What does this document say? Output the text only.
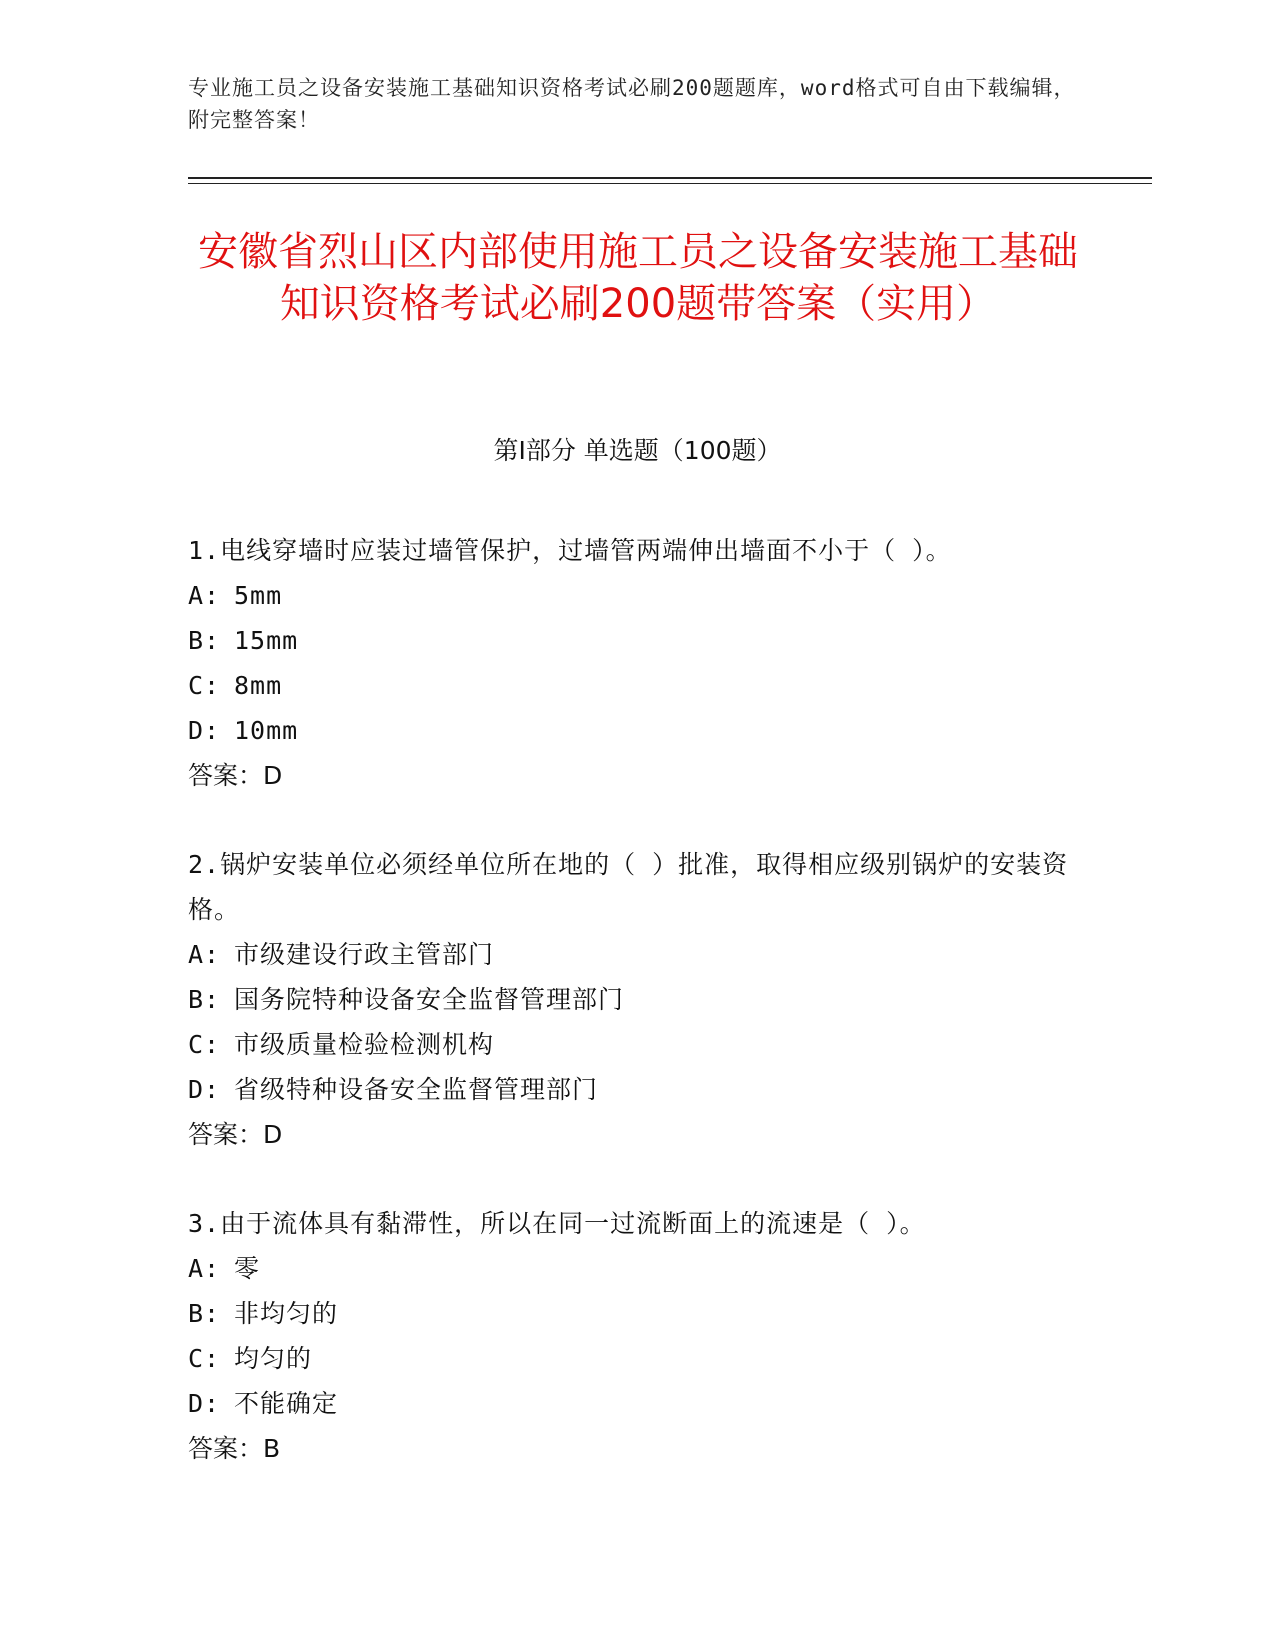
专业施工员之设备安装施工基础知识资格考试必刷200题题库，word格式可自由下载编辑，附完整答案！
安徽省烈山区内部使用施工员之设备安装施工基础知识资格考试必刷200题带答案（实用）
第Ⅰ部分 单选题（100题）

1.电线穿墙时应装过墙管保护，过墙管两端伸出墙面不小于（ ）。

A: 5mm

B: 15mm

C: 8mm

D: 10mm

答案：D

2.锅炉安装单位必须经单位所在地的（ ）批准，取得相应级别锅炉的安装资格。

A: 市级建设行政主管部门

B: 国务院特种设备安全监督管理部门

C: 市级质量检验检测机构

D: 省级特种设备安全监督管理部门

答案：D

3.由于流体具有黏滞性，所以在同一过流断面上的流速是（ ）。

A: 零

B: 非均匀的

C: 均匀的

D: 不能确定

答案：B
